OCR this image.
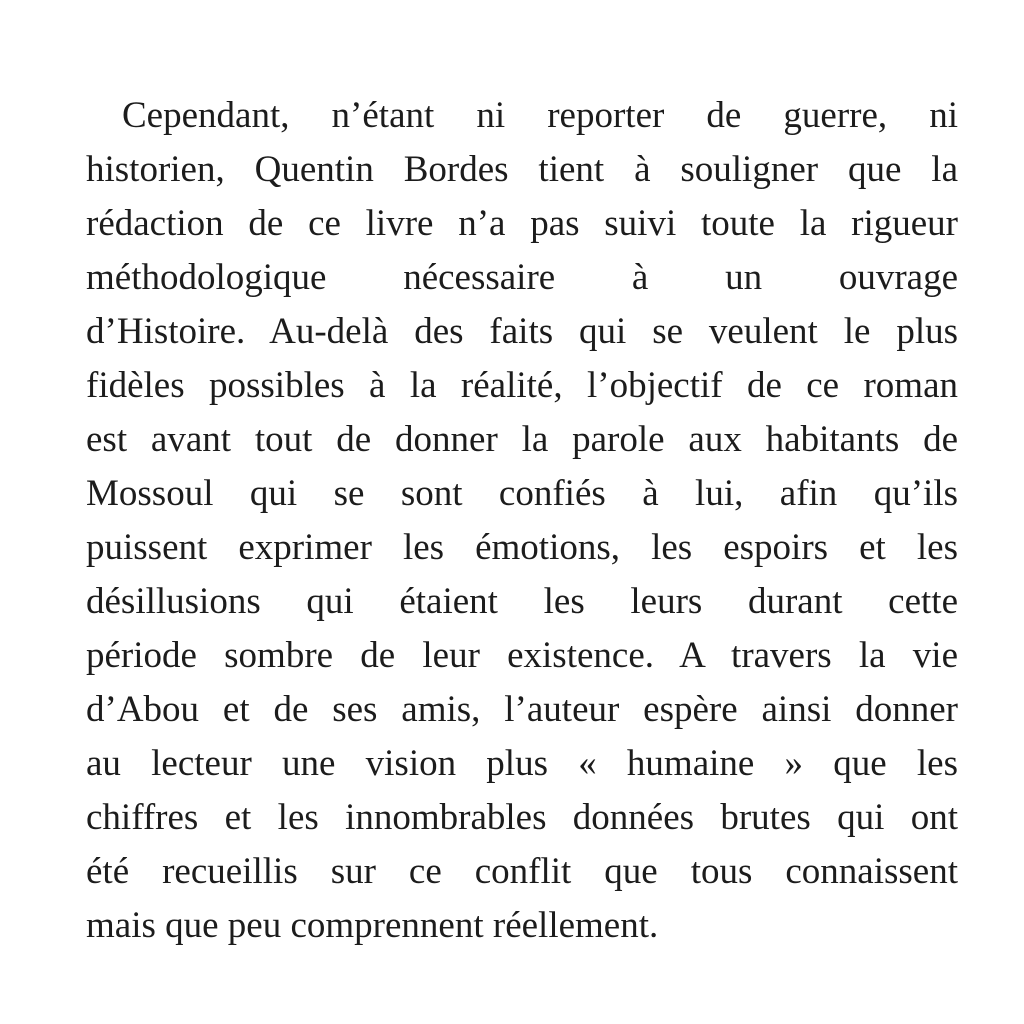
Cependant, n’étant ni reporter de guerre, ni
historien, Quentin Bordes tient à souligner que la
rédaction de ce livre n’a pas suivi toute la rigueur
méthodologique nécessaire à un ouvrage
d’Histoire. Au-delà des faits qui se veulent le plus
fidèles possibles à la réalité, l’objectif de ce roman
est avant tout de donner la parole aux habitants de
Mossoul qui se sont confiés à lui, afin qu’ils
puissent exprimer les émotions, les espoirs et les
désillusions qui étaient les leurs durant cette
période sombre de leur existence. A travers la vie
d’Abou et de ses amis, l’auteur espère ainsi donner
au lecteur une vision plus « humaine » que les
chiffres et les innombrables données brutes qui ont
été recueillis sur ce conflit que tous connaissent
mais que peu comprennent réellement.
